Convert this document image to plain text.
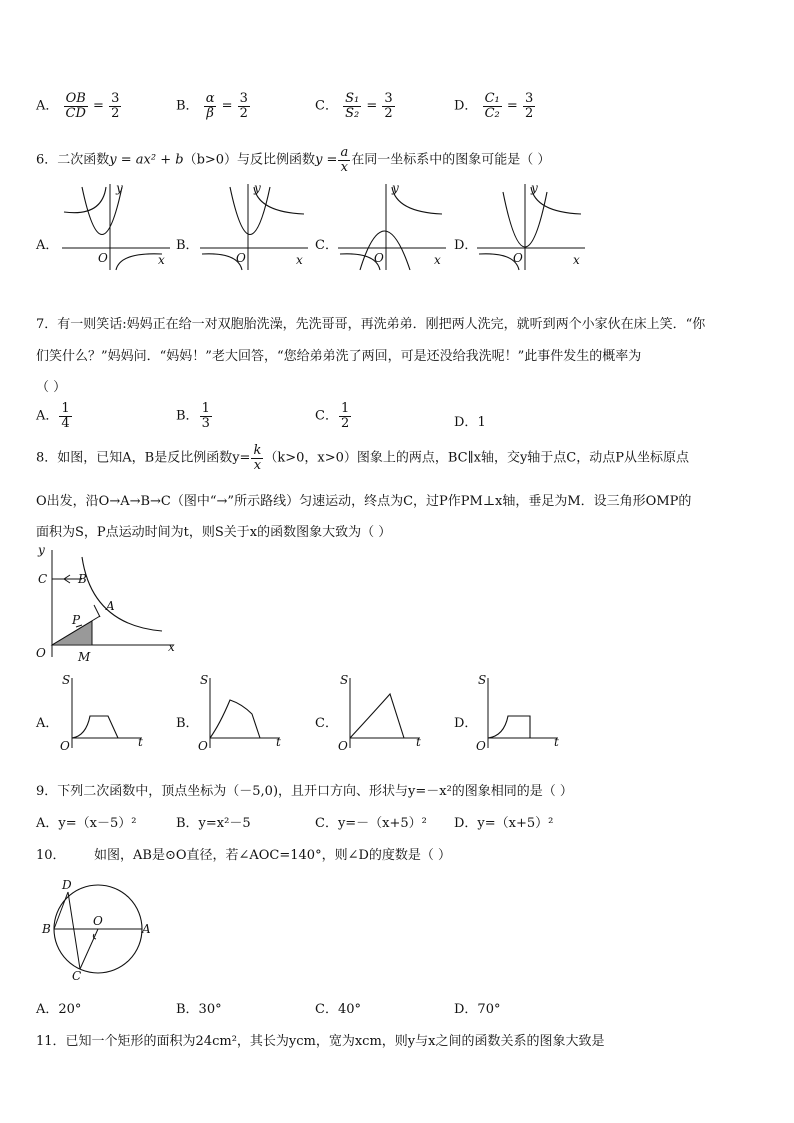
A． $\frac{OB}{CD} = \frac{3}{2}$	B． $\frac{\alpha}{\beta} = \frac{3}{2}$	C． $\frac{\text{S₁}}{\text{S₂}} = \frac{3}{2}$	D． $\frac{\text{C₁}}{\text{C₂}} = \frac{3}{2}$
6．二次函数y = ax² + b（b>0）与反比例函数$y = \frac{a}{x}$ 在同一坐标系中的图象可能是（ ）
A．	B．	C．	D．
y
O	x
y
O	x
y
O	x
y
O	x
7．有一则笑话:妈妈正在给一对双胞胎洗澡，先洗哥哥，再洗弟弟．刚把两人洗完，就听到两个小家伙在床上笑．“你
们笑什么？”妈妈问．“妈妈！”老大回答，“您给弟弟洗了两回，可是还没给我洗呢！”此事件发生的概率为
（ ）
A． $\frac{1}{4}$	B． $\frac{1}{3}$	C． $\frac{1}{2}$	D．1
8．如图，已知A，B是反比例函数$y= \frac{k}{x} (k>0$，x>0）图象上的两点，BC∥x轴，交y轴于点C，动点P从坐标原点
O出发，沿O→A→B→C（图中“→”所示路线）匀速运动，终点为C，过P作PM⊥x轴，垂足为M．设三角形OMP的
面积为S，P点运动时间为t，则S关于x的函数图象大致为（ ）
y
C	B
A
P
O	M
x
A．	B．	C．	D．
S
O	t
S
O	t
S
O	t
S
O	t
9．下列二次函数中，顶点坐标为（－5,0)，且开口方向、形状与y=－x²的图象相同的是（ ）
A．y=（x－5）²	B．y=x²－5	C．y=－（x+5）² D．y=（x+5）²
10． 如图，AB是⊙O直径，若∠AOC=140°，则∠D的度数是（ ）
D
B
O
A
C
A．20°	B．30°	C．40°	D．70°
11．已知一个矩形的面积为24cm²，其长为ycm，宽为xcm，则y与x之间的函数关系的图象大致是
